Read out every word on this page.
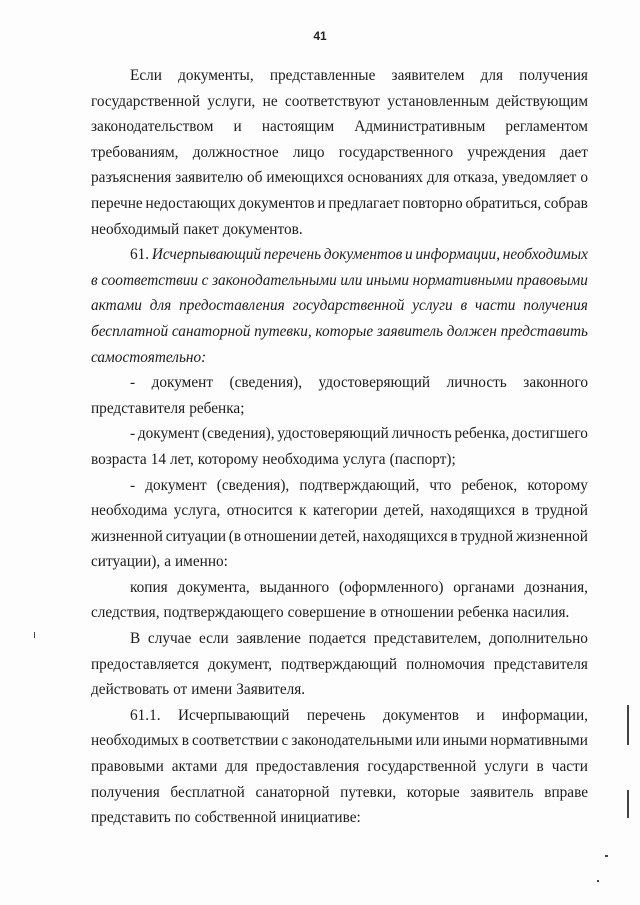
41
Если документы, представленные заявителем для получения
государственной услуги, не соответствуют установленным действующим
законодательством и настоящим Административным регламентом
требованиям, должностное лицо государственного учреждения дает
разъяснения заявителю об имеющихся основаниях для отказа, уведомляет о
перечне недостающих документов и предлагает повторно обратиться, собрав
необходимый пакет документов.
61. Исчерпывающий перечень документов и информации, необходимых
в соответствии с законодательными или иными нормативными правовыми
актами для предоставления государственной услуги в части получения
бесплатной санаторной путевки, которые заявитель должен представить
самостоятельно:
- документ (сведения), удостоверяющий личность законного
представителя ребенка;
- документ (сведения), удостоверяющий личность ребенка, достигшего
возраста 14 лет, которому необходима услуга (паспорт);
- документ (сведения), подтверждающий, что ребенок, которому
необходима услуга, относится к категории детей, находящихся в трудной
жизненной ситуации (в отношении детей, находящихся в трудной жизненной
ситуации), а именно:
копия документа, выданного (оформленного) органами дознания,
следствия, подтверждающего совершение в отношении ребенка насилия.
В случае если заявление подается представителем, дополнительно
предоставляется документ, подтверждающий полномочия представителя
действовать от имени Заявителя.
61.1. Исчерпывающий перечень документов и информации,
необходимых в соответствии с законодательными или иными нормативными
правовыми актами для предоставления государственной услуги в части
получения бесплатной санаторной путевки, которые заявитель вправе
представить по собственной инициативе:
